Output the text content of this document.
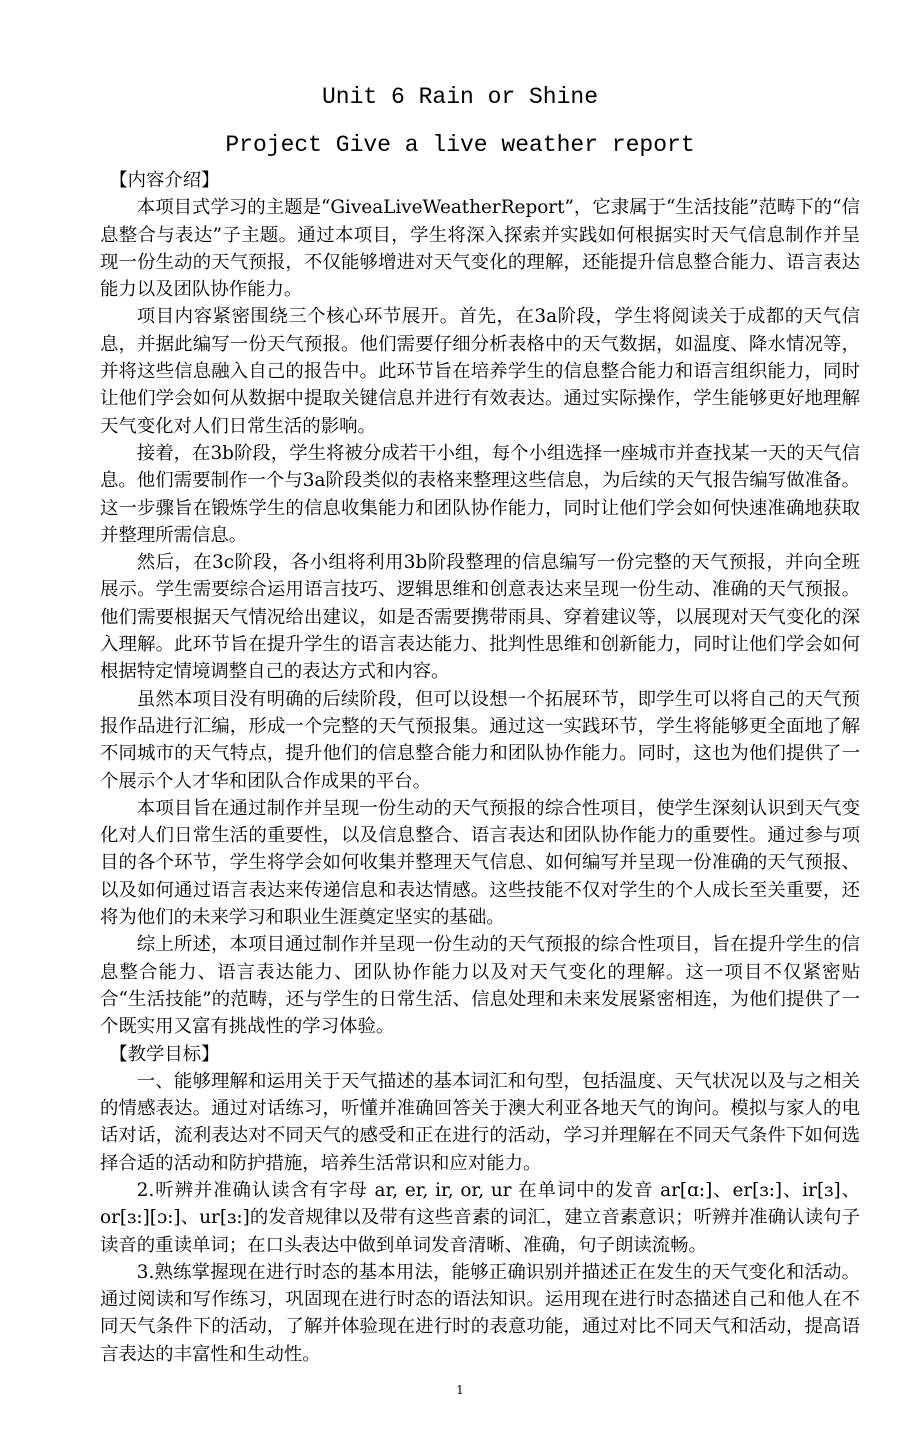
Unit 6 Rain or Shine
Project Give a live weather report

【内容介绍】

本项目式学习的主题是“GiveaLiveWeatherReport”，它隶属于“生活技能”范畴下的“信息整合与表达”子主题。通过本项目，学生将深入探索并实践如何根据实时天气信息制作并呈现一份生动的天气预报，不仅能够增进对天气变化的理解，还能提升信息整合能力、语言表达能力以及团队协作能力。

项目内容紧密围绕三个核心环节展开。首先，在3a阶段，学生将阅读关于成都的天气信息，并据此编写一份天气预报。他们需要仔细分析表格中的天气数据，如温度、降水情况等，并将这些信息融入自己的报告中。此环节旨在培养学生的信息整合能力和语言组织能力，同时让他们学会如何从数据中提取关键信息并进行有效表达。通过实际操作，学生能够更好地理解天气变化对人们日常生活的影响。

接着，在3b阶段，学生将被分成若干小组，每个小组选择一座城市并查找某一天的天气信息。他们需要制作一个与3a阶段类似的表格来整理这些信息，为后续的天气报告编写做准备。这一步骤旨在锻炼学生的信息收集能力和团队协作能力，同时让他们学会如何快速准确地获取并整理所需信息。

然后，在3c阶段，各小组将利用3b阶段整理的信息编写一份完整的天气预报，并向全班展示。学生需要综合运用语言技巧、逻辑思维和创意表达来呈现一份生动、准确的天气预报。他们需要根据天气情况给出建议，如是否需要携带雨具、穿着建议等，以展现对天气变化的深入理解。此环节旨在提升学生的语言表达能力、批判性思维和创新能力，同时让他们学会如何根据特定情境调整自己的表达方式和内容。

虽然本项目没有明确的后续阶段，但可以设想一个拓展环节，即学生可以将自己的天气预报作品进行汇编，形成一个完整的天气预报集。通过这一实践环节，学生将能够更全面地了解不同城市的天气特点，提升他们的信息整合能力和团队协作能力。同时，这也为他们提供了一个展示个人才华和团队合作成果的平台。

本项目旨在通过制作并呈现一份生动的天气预报的综合性项目，使学生深刻认识到天气变化对人们日常生活的重要性，以及信息整合、语言表达和团队协作能力的重要性。通过参与项目的各个环节，学生将学会如何收集并整理天气信息、如何编写并呈现一份准确的天气预报、以及如何通过语言表达来传递信息和表达情感。这些技能不仅对学生的个人成长至关重要，还将为他们的未来学习和职业生涯奠定坚实的基础。

综上所述，本项目通过制作并呈现一份生动的天气预报的综合性项目，旨在提升学生的信息整合能力、语言表达能力、团队协作能力以及对天气变化的理解。这一项目不仅紧密贴合“生活技能”的范畴，还与学生的日常生活、信息处理和未来发展紧密相连，为他们提供了一个既实用又富有挑战性的学习体验。

【教学目标】

一、能够理解和运用关于天气描述的基本词汇和句型，包括温度、天气状况以及与之相关的情感表达。通过对话练习，听懂并准确回答关于澳大利亚各地天气的询问。模拟与家人的电话对话，流利表达对不同天气的感受和正在进行的活动，学习并理解在不同天气条件下如何选择合适的活动和防护措施，培养生活常识和应对能力。

2.听辨并准确认读含有字母 ar, er, ir, or, ur 在单词中的发音 ar[ɑ:]、er[ɜ:]、ir[ɜ]、or[ɜ:][ɔ:]、ur[ɜ:]的发音规律以及带有这些音素的词汇，建立音素意识；听辨并准确认读句子读音的重读单词；在口头表达中做到单词发音清晰、准确，句子朗读流畅。

3.熟练掌握现在进行时态的基本用法，能够正确识别并描述正在发生的天气变化和活动。通过阅读和写作练习，巩固现在进行时态的语法知识。运用现在进行时态描述自己和他人在不同天气条件下的活动，了解并体验现在进行时的表意功能，通过对比不同天气和活动，提高语言表达的丰富性和生动性。

1
